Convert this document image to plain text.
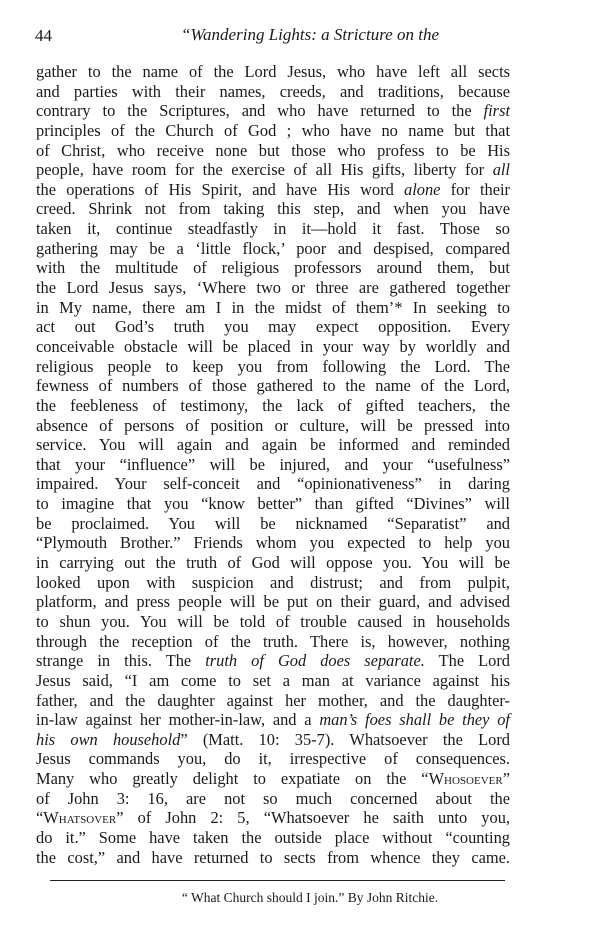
44	“Wandering Lights: a Stricture on the
gather to the name of the Lord Jesus, who have left all sects
and parties with their names, creeds, and traditions, because
contrary to the Scriptures, and who have returned to the first
principles of the Church of God ; who have no name but that
of Christ, who receive none but those who profess to be His
people, have room for the exercise of all His gifts, liberty for all
the operations of His Spirit, and have His word alone for their
creed. Shrink not from taking this step, and when you have
taken it, continue steadfastly in it—hold it fast. Those so
gathering may be a ‘little flock,’ poor and despised, compared
with the multitude of religious professors around them, but
the Lord Jesus says, ‘Where two or three are gathered together
in My name, there am I in the midst of them’* In seeking to
act out God’s truth you may expect opposition. Every
conceivable obstacle will be placed in your way by worldly and
religious people to keep you from following the Lord. The
fewness of numbers of those gathered to the name of the Lord,
the feebleness of testimony, the lack of gifted teachers, the
absence of persons of position or culture, will be pressed into
service. You will again and again be informed and reminded
that your “influence” will be injured, and your “usefulness”
impaired. Your self-conceit and “opinionativeness” in daring
to imagine that you “know better” than gifted “Divines” will
be proclaimed. You will be nicknamed “Separatist” and
“Plymouth Brother.” Friends whom you expected to help you
in carrying out the truth of God will oppose you. You will be
looked upon with suspicion and distrust; and from pulpit,
platform, and press people will be put on their guard, and advised
to shun you. You will be told of trouble caused in households
through the reception of the truth. There is, however, nothing
strange in this. The truth of God does separate. The Lord
Jesus said, “I am come to set a man at variance against his
father, and the daughter against her mother, and the daughter-
in-law against her mother-in-law, and a man’s foes shall be they of
his own household” (Matt. 10: 35-7). Whatsoever the Lord
Jesus commands you, do it, irrespective of consequences.
Many who greatly delight to expatiate on the “Whosoever”
of John 3: 16, are not so much concerned about the
“Whatsover” of John 2: 5, “Whatsoever he saith unto you,
do it.” Some have taken the outside place without “counting
the cost,” and have returned to sects from whence they came.
“ What Church should I join.” By John Ritchie.
